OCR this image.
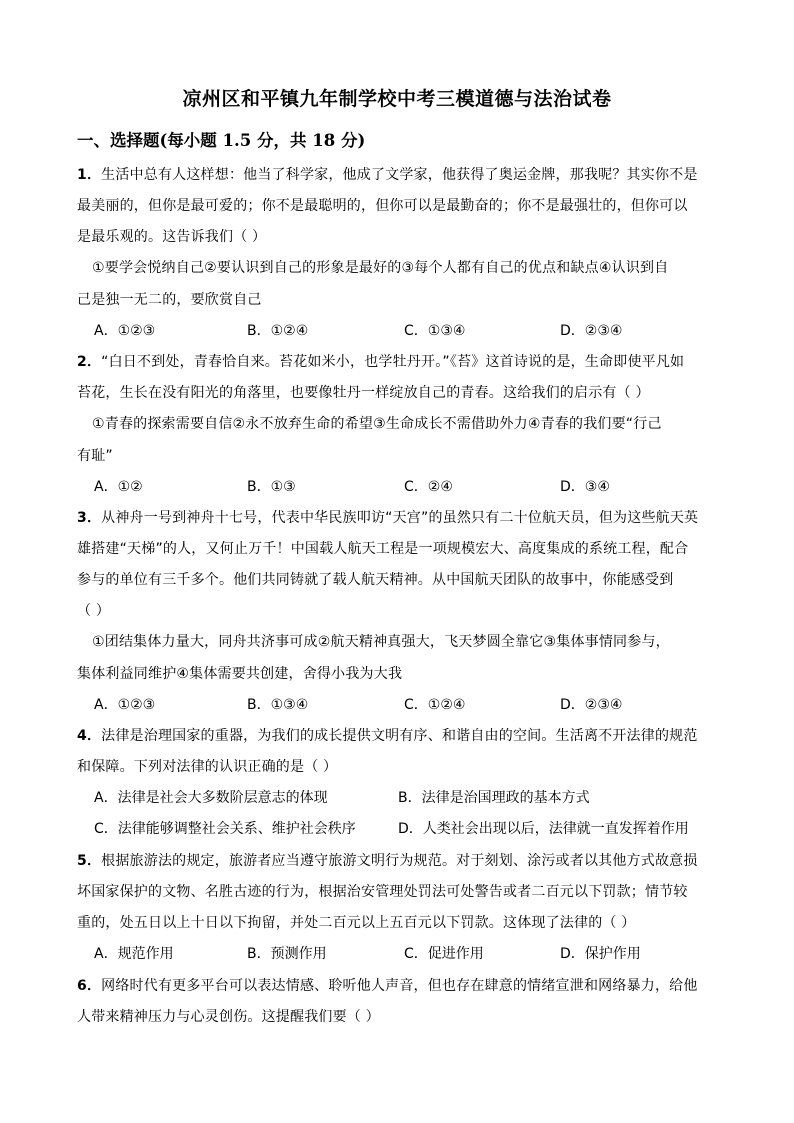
凉州区和平镇九年制学校中考三模道德与法治试卷
一、选择题(每小题 1.5 分，共 18 分)
1．生活中总有人这样想：他当了科学家，他成了文学家，他获得了奥运金牌，那我呢？其实你不是
最美丽的，但你是最可爱的；你不是最聪明的，但你可以是最勤奋的；你不是最强壮的，但你可以
是最乐观的。这告诉我们（ ）
①要学会悦纳自己②要认识到自己的形象是最好的③每个人都有自己的优点和缺点④认识到自
己是独一无二的，要欣赏自己
A．①②③	B．①②④	C．①③④	D．②③④
2．“白日不到处，青春恰自来。苔花如米小，也学牡丹开。”《苔》这首诗说的是，生命即使平凡如
苔花，生长在没有阳光的角落里，也要像牡丹一样绽放自己的青春。这给我们的启示有（ ）
①青春的探索需要自信②永不放弃生命的希望③生命成长不需借助外力④青春的我们要“行己
有耻”
A．①②	B．①③	C．②④	D．③④
3．从神舟一号到神舟十七号，代表中华民族叩访“天宫”的虽然只有二十位航天员，但为这些航天英
雄搭建“天梯”的人，又何止万千！中国载人航天工程是一项规模宏大、高度集成的系统工程，配合
参与的单位有三千多个。他们共同铸就了载人航天精神。从中国航天团队的故事中，你能感受到
（ ）
①团结集体力量大，同舟共济事可成②航天精神真强大，飞天梦圆全靠它③集体事情同参与，
集体利益同维护④集体需要共创建，舍得小我为大我
A．①②③	B．①③④	C．①②④	D．②③④
4．法律是治理国家的重器，为我们的成长提供文明有序、和谐自由的空间。生活离不开法律的规范
和保障。下列对法律的认识正确的是（ ）
A．法律是社会大多数阶层意志的体现	B．法律是治国理政的基本方式
C．法律能够调整社会关系、维护社会秩序	D．人类社会出现以后，法律就一直发挥着作用
5．根据旅游法的规定，旅游者应当遵守旅游文明行为规范。对于刻划、涂污或者以其他方式故意损
坏国家保护的文物、名胜古迹的行为，根据治安管理处罚法可处警告或者二百元以下罚款；情节较
重的，处五日以上十日以下拘留，并处二百元以上五百元以下罚款。这体现了法律的（ ）
A．规范作用	B．预测作用	C．促进作用	D．保护作用
6．网络时代有更多平台可以表达情感、聆听他人声音，但也存在肆意的情绪宣泄和网络暴力，给他
人带来精神压力与心灵创伤。这提醒我们要（ ）
